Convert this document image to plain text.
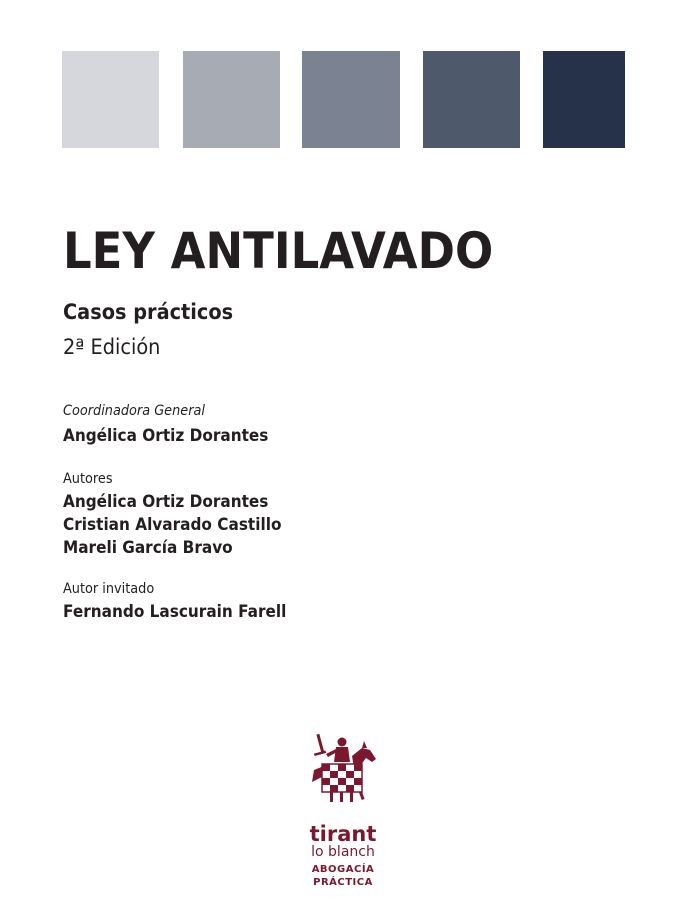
LEY ANTILAVADO
Casos prácticos
2ª Edición
Coordinadora General
Angélica Ortiz Dorantes
Autores
Angélica Ortiz Dorantes
Cristian Alvarado Castillo
Mareli García Bravo
Autor invitado
Fernando Lascurain Farell
tirant
lo blanch
ABOGACÍA
PRÁCTICA
